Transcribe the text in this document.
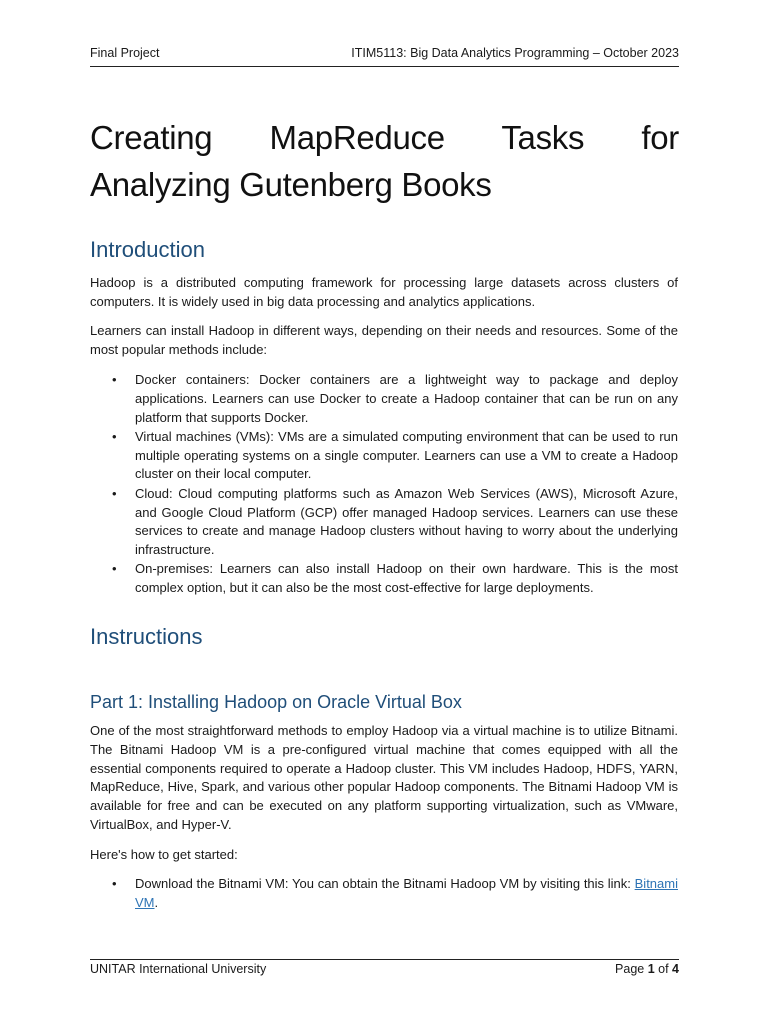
Final Project	ITIM5113: Big Data Analytics Programming – October 2023
Creating MapReduce Tasks for Analyzing Gutenberg Books
Introduction

Hadoop is a distributed computing framework for processing large datasets across clusters of computers. It is widely used in big data processing and analytics applications.

Learners can install Hadoop in different ways, depending on their needs and resources. Some of the most popular methods include:

• Docker containers: Docker containers are a lightweight way to package and deploy applications. Learners can use Docker to create a Hadoop container that can be run on any platform that supports Docker.
• Virtual machines (VMs): VMs are a simulated computing environment that can be used to run multiple operating systems on a single computer. Learners can use a VM to create a Hadoop cluster on their local computer.
• Cloud: Cloud computing platforms such as Amazon Web Services (AWS), Microsoft Azure, and Google Cloud Platform (GCP) offer managed Hadoop services. Learners can use these services to create and manage Hadoop clusters without having to worry about the underlying infrastructure.
• On-premises: Learners can also install Hadoop on their own hardware. This is the most complex option, but it can also be the most cost-effective for large deployments.
Instructions
Part 1: Installing Hadoop on Oracle Virtual Box

One of the most straightforward methods to employ Hadoop via a virtual machine is to utilize Bitnami. The Bitnami Hadoop VM is a pre-configured virtual machine that comes equipped with all the essential components required to operate a Hadoop cluster. This VM includes Hadoop, HDFS, YARN, MapReduce, Hive, Spark, and various other popular Hadoop components. The Bitnami Hadoop VM is available for free and can be executed on any platform supporting virtualization, such as VMware, VirtualBox, and Hyper-V.

Here's how to get started:

• Download the Bitnami VM: You can obtain the Bitnami Hadoop VM by visiting this link: Bitnami VM.
UNITAR International University	Page 1 of 4
